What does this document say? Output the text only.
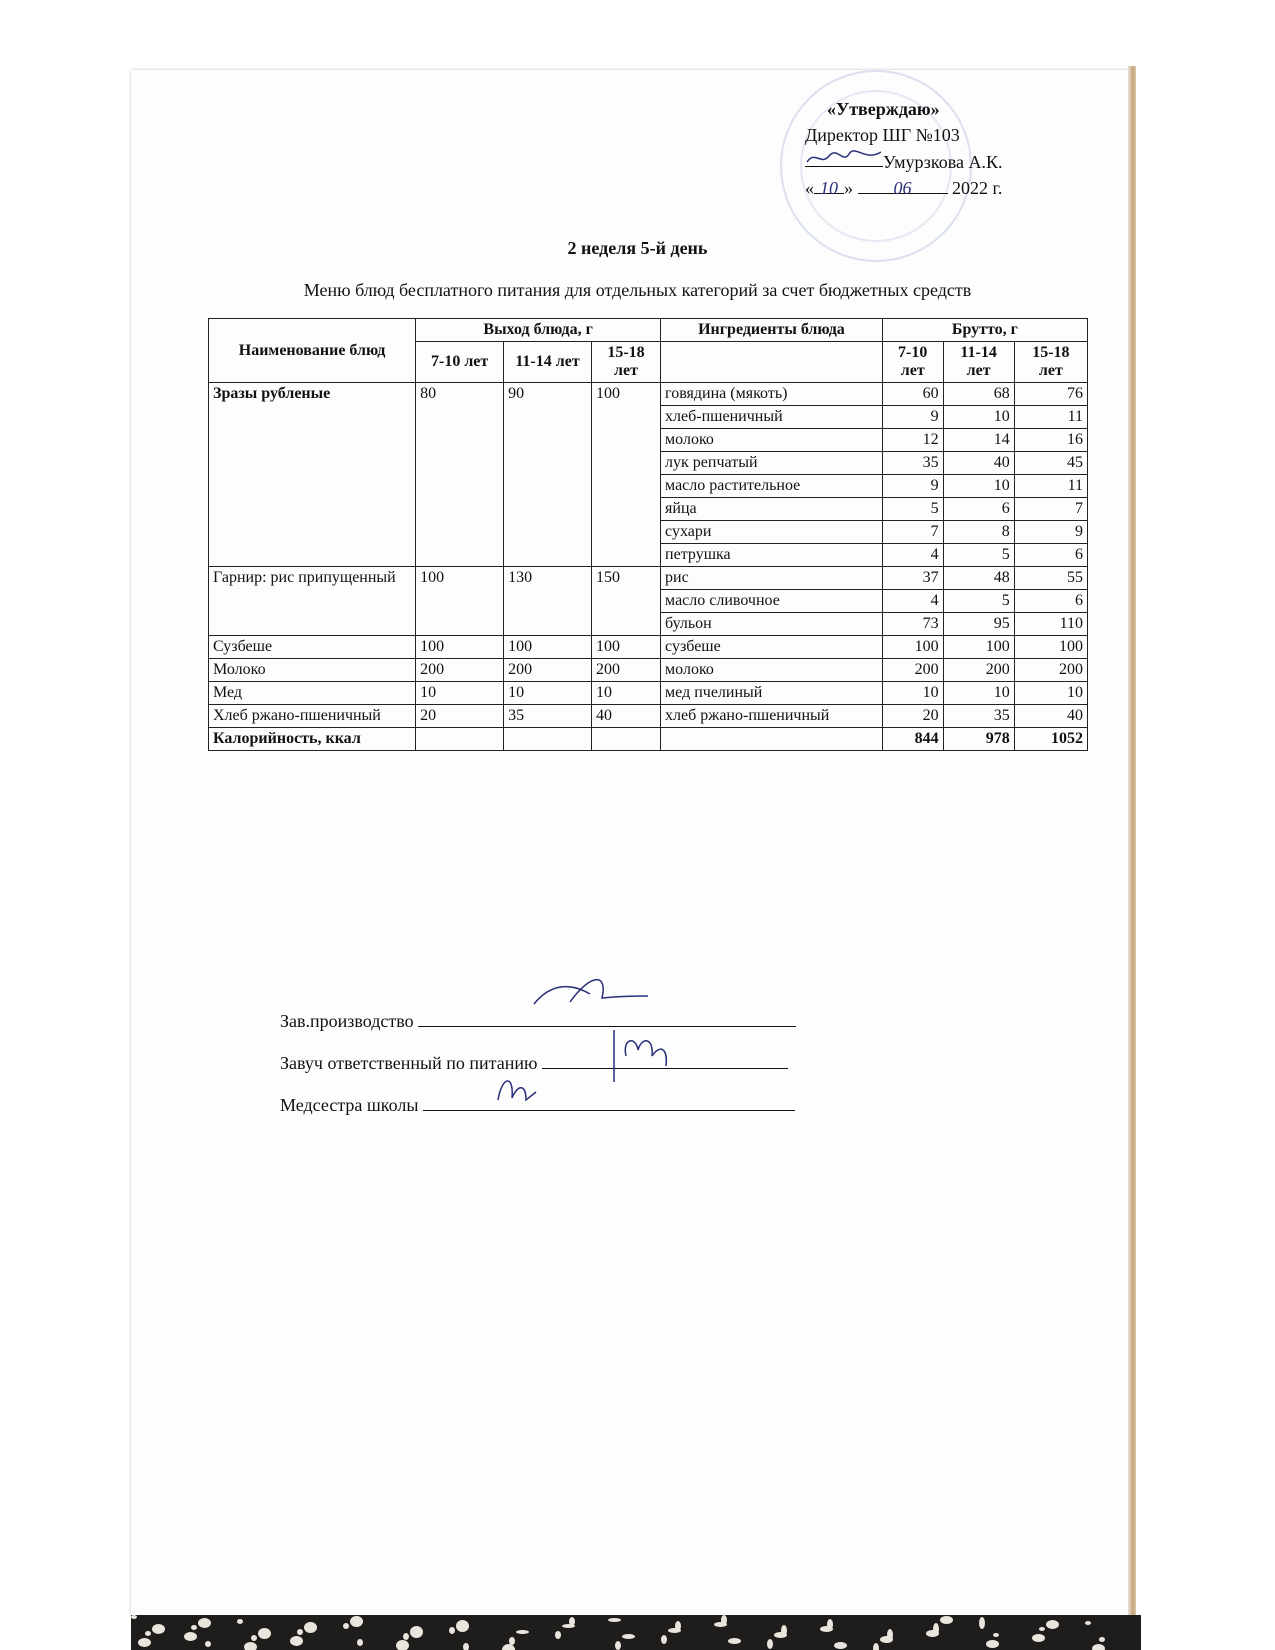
«Утверждаю»
Директор ШГ №103
Умурзкова А.К.
« 10 » 06 2022 г.
2 неделя 5-й день
Меню блюд бесплатного питания для отдельных категорий за счет бюджетных средств
Наименование блюд	Выход блюда, г			Ингредиенты блюда	Брутто, г		
	7-10 лет	11-14 лет	15-18 лет		7-10 лет	11-14 лет	15-18 лет
Зразы рубленые	80	90	100	говядина (мякоть)	60	68	76
				хлеб-пшеничный	9	10	11
				молоко	12	14	16
				лук репчатый	35	40	45
				масло растительное	9	10	11
				яйца	5	6	7
				сухари	7	8	9
				петрушка	4	5	6
Гарнир: рис припущенный	100	130	150	рис	37	48	55
				масло сливочное	4	5	6
				бульон	73	95	110
Сузбеше	100	100	100	сузбеше	100	100	100
Молоко	200	200	200	молоко	200	200	200
Мед	10	10	10	мед пчелиный	10	10	10
Хлеб ржано-пшеничный	20	35	40	хлеб ржано-пшеничный	20	35	40
Калорийность, ккал					844	978	1052
Зав.производство
Завуч ответственный по питанию
Медсестра школы
